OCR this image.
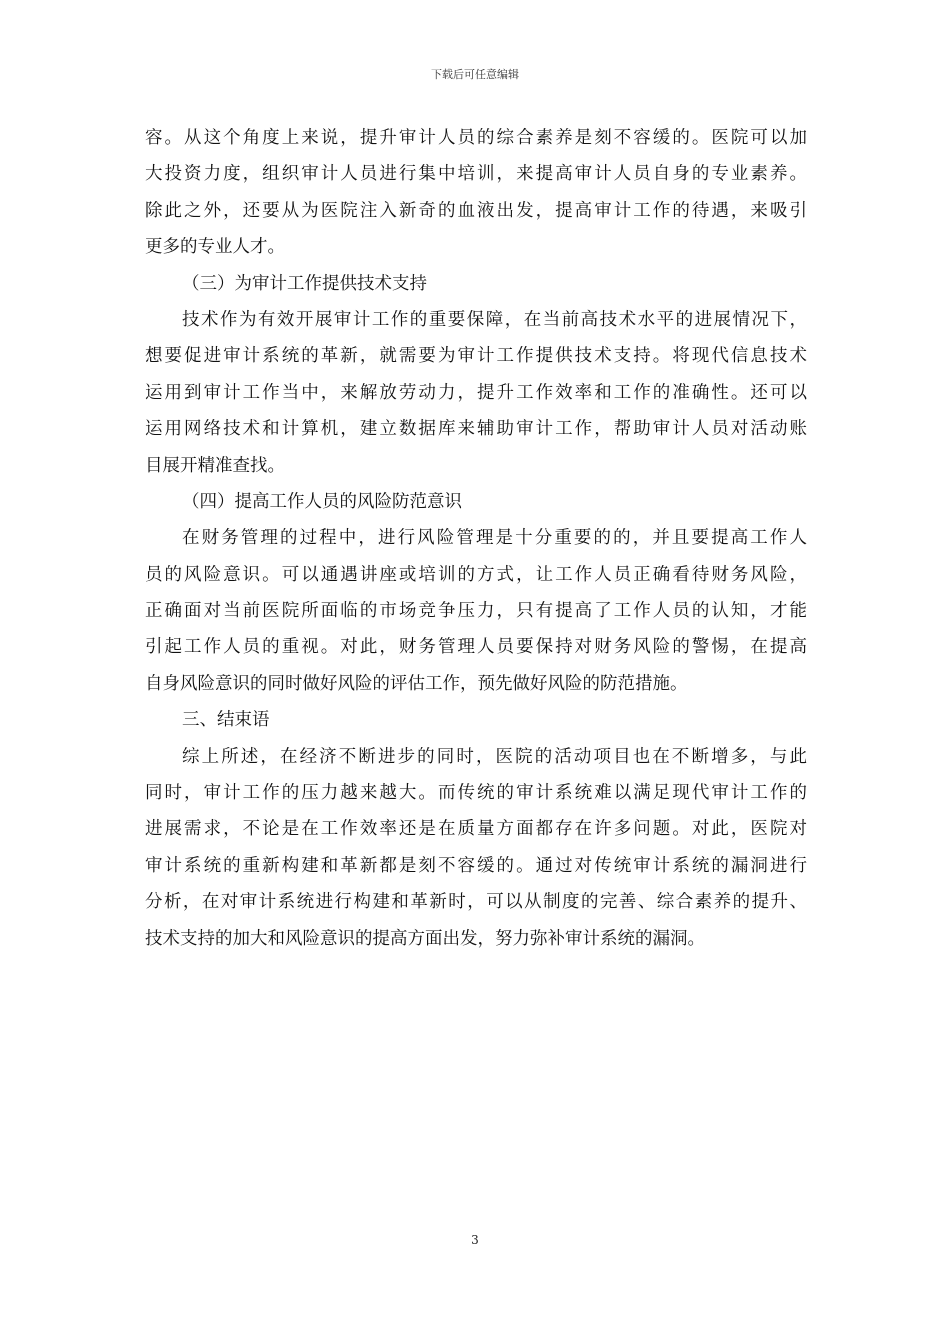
下载后可任意编辑
容。从这个角度上来说，提升审计人员的综合素养是刻不容缓的。医院可以加
大投资力度，组织审计人员进行集中培训，来提高审计人员自身的专业素养。
除此之外，还要从为医院注入新奇的血液出发，提高审计工作的待遇，来吸引
更多的专业人才。
（三）为审计工作提供技术支持
技术作为有效开展审计工作的重要保障，在当前高技术水平的进展情况下，
想要促进审计系统的革新，就需要为审计工作提供技术支持。将现代信息技术
运用到审计工作当中，来解放劳动力，提升工作效率和工作的准确性。还可以
运用网络技术和计算机，建立数据库来辅助审计工作，帮助审计人员对活动账
目展开精准查找。
（四）提高工作人员的风险防范意识
在财务管理的过程中，进行风险管理是十分重要的的，并且要提高工作人
员的风险意识。可以通遇讲座或培训的方式，让工作人员正确看待财务风险，
正确面对当前医院所面临的市场竞争压力，只有提高了工作人员的认知，才能
引起工作人员的重视。对此，财务管理人员要保持对财务风险的警惕，在提高
自身风险意识的同时做好风险的评估工作，预先做好风险的防范措施。
三、结束语
综上所述，在经济不断进步的同时，医院的活动项目也在不断增多，与此
同时，审计工作的压力越来越大。而传统的审计系统难以满足现代审计工作的
进展需求，不论是在工作效率还是在质量方面都存在许多问题。对此，医院对
审计系统的重新构建和革新都是刻不容缓的。通过对传统审计系统的漏洞进行
分析，在对审计系统进行构建和革新时，可以从制度的完善、综合素养的提升、
技术支持的加大和风险意识的提高方面出发，努力弥补审计系统的漏洞。
3
